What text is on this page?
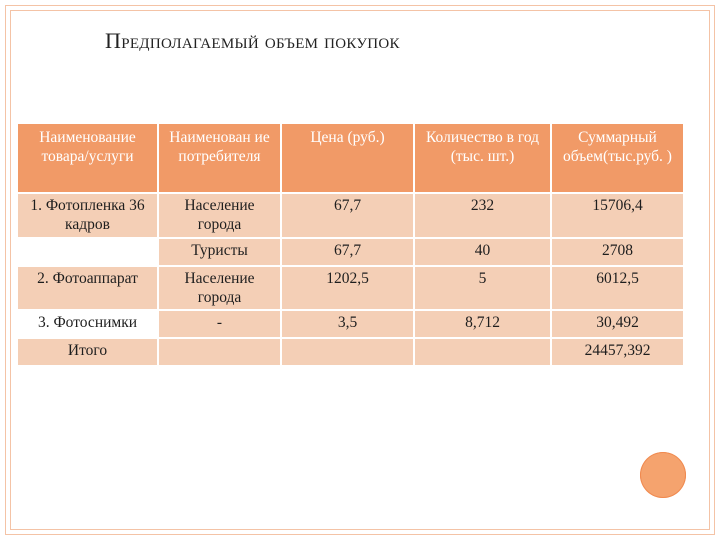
Предполагаемый объем покупок
Наименование товара/услуги	Наименован ие потребителя	Цена (руб.)	Количество в год (тыс. шт.)	Суммарный объем(тыс.руб. )
1. Фотопленка 36 кадров	Население города	67,7	232	15706,4
	Туристы	67,7	40	2708
2. Фотоаппарат	Население города	1202,5	5	6012,5
3. Фотоснимки	-	3,5	8,712	30,492
Итого				24457,392
